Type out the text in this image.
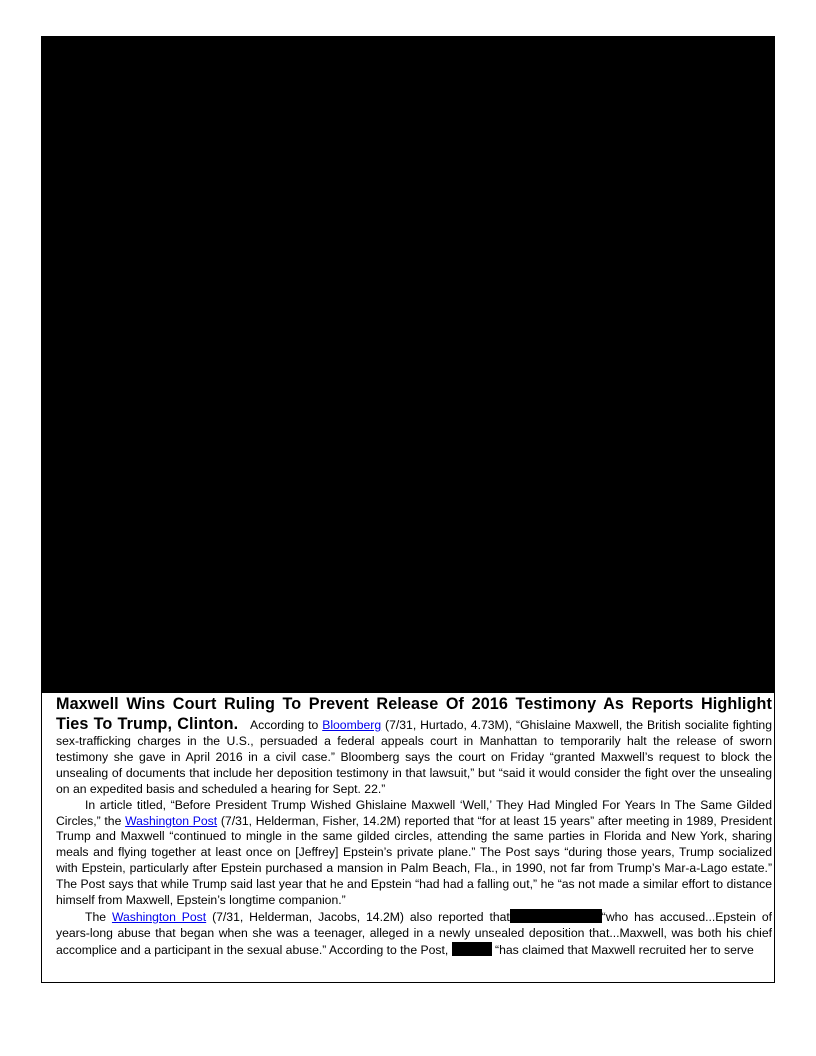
Maxwell Wins Court Ruling To Prevent Release Of 2016 Testimony As Reports Highlight Ties To Trump, Clinton. According to Bloomberg (7/31, Hurtado, 4.73M), “Ghislaine Maxwell, the British socialite fighting sex-trafficking charges in the U.S., persuaded a federal appeals court in Manhattan to temporarily halt the release of sworn testimony she gave in April 2016 in a civil case.” Bloomberg says the court on Friday “granted Maxwell’s request to block the unsealing of documents that include her deposition testimony in that lawsuit,” but “said it would consider the fight over the unsealing on an expedited basis and scheduled a hearing for Sept. 22.”

In article titled, “Before President Trump Wished Ghislaine Maxwell ‘Well,’ They Had Mingled For Years In The Same Gilded Circles,” the Washington Post (7/31, Helderman, Fisher, 14.2M) reported that “for at least 15 years” after meeting in 1989, President Trump and Maxwell “continued to mingle in the same gilded circles, attending the same parties in Florida and New York, sharing meals and flying together at least once on [Jeffrey] Epstein’s private plane.” The Post says “during those years, Trump socialized with Epstein, particularly after Epstein purchased a mansion in Palm Beach, Fla., in 1990, not far from Trump’s Mar-a-Lago estate.” The Post says that while Trump said last year that he and Epstein “had had a falling out,” he “as not made a similar effort to distance himself from Maxwell, Epstein’s longtime companion.”

The Washington Post (7/31, Helderman, Jacobs, 14.2M) also reported that	“who has accused...Epstein of years-long abuse that began when she was a teenager, alleged in a newly unsealed deposition that...Maxwell, was both his chief accomplice and a participant in the sexual abuse.” According to the Post,	“has claimed that Maxwell recruited her to serve
